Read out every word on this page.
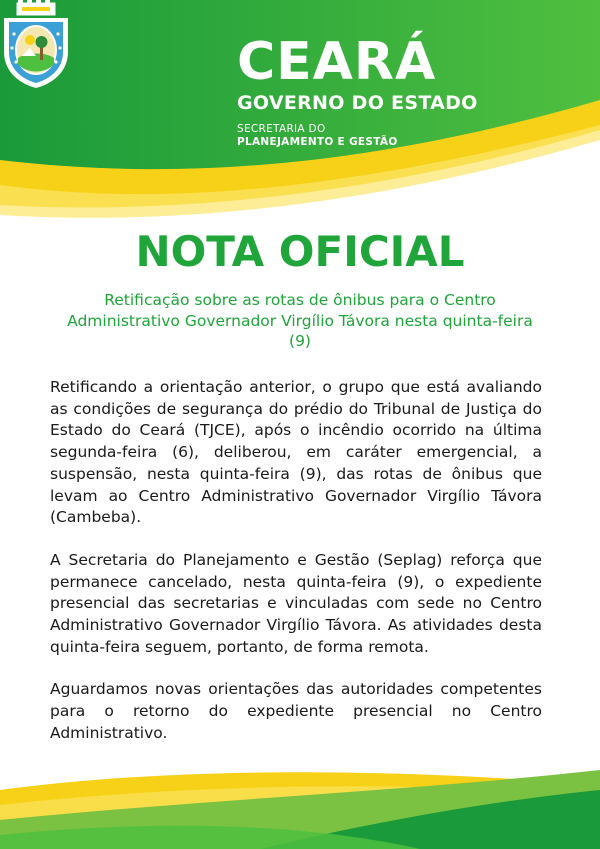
CEARÁ
GOVERNO DO ESTADO
SECRETARIA DO
PLANEJAMENTO E GESTÃO
NOTA OFICIAL
Retificação sobre as rotas de ônibus para o Centro Administrativo Governador Virgílio Távora nesta quinta-feira (9)

Retificando a orientação anterior, o grupo que está avaliando as condições de segurança do prédio do Tribunal de Justiça do Estado do Ceará (TJCE), após o incêndio ocorrido na última segunda-feira (6), deliberou, em caráter emergencial, a suspensão, nesta quinta-feira (9), das rotas de ônibus que levam ao Centro Administrativo Governador Virgílio Távora (Cambeba).

A Secretaria do Planejamento e Gestão (Seplag) reforça que permanece cancelado, nesta quinta-feira (9), o expediente presencial das secretarias e vinculadas com sede no Centro Administrativo Governador Virgílio Távora. As atividades desta quinta-feira seguem, portanto, de forma remota.

Aguardamos novas orientações das autoridades competentes para o retorno do expediente presencial no Centro Administrativo.
